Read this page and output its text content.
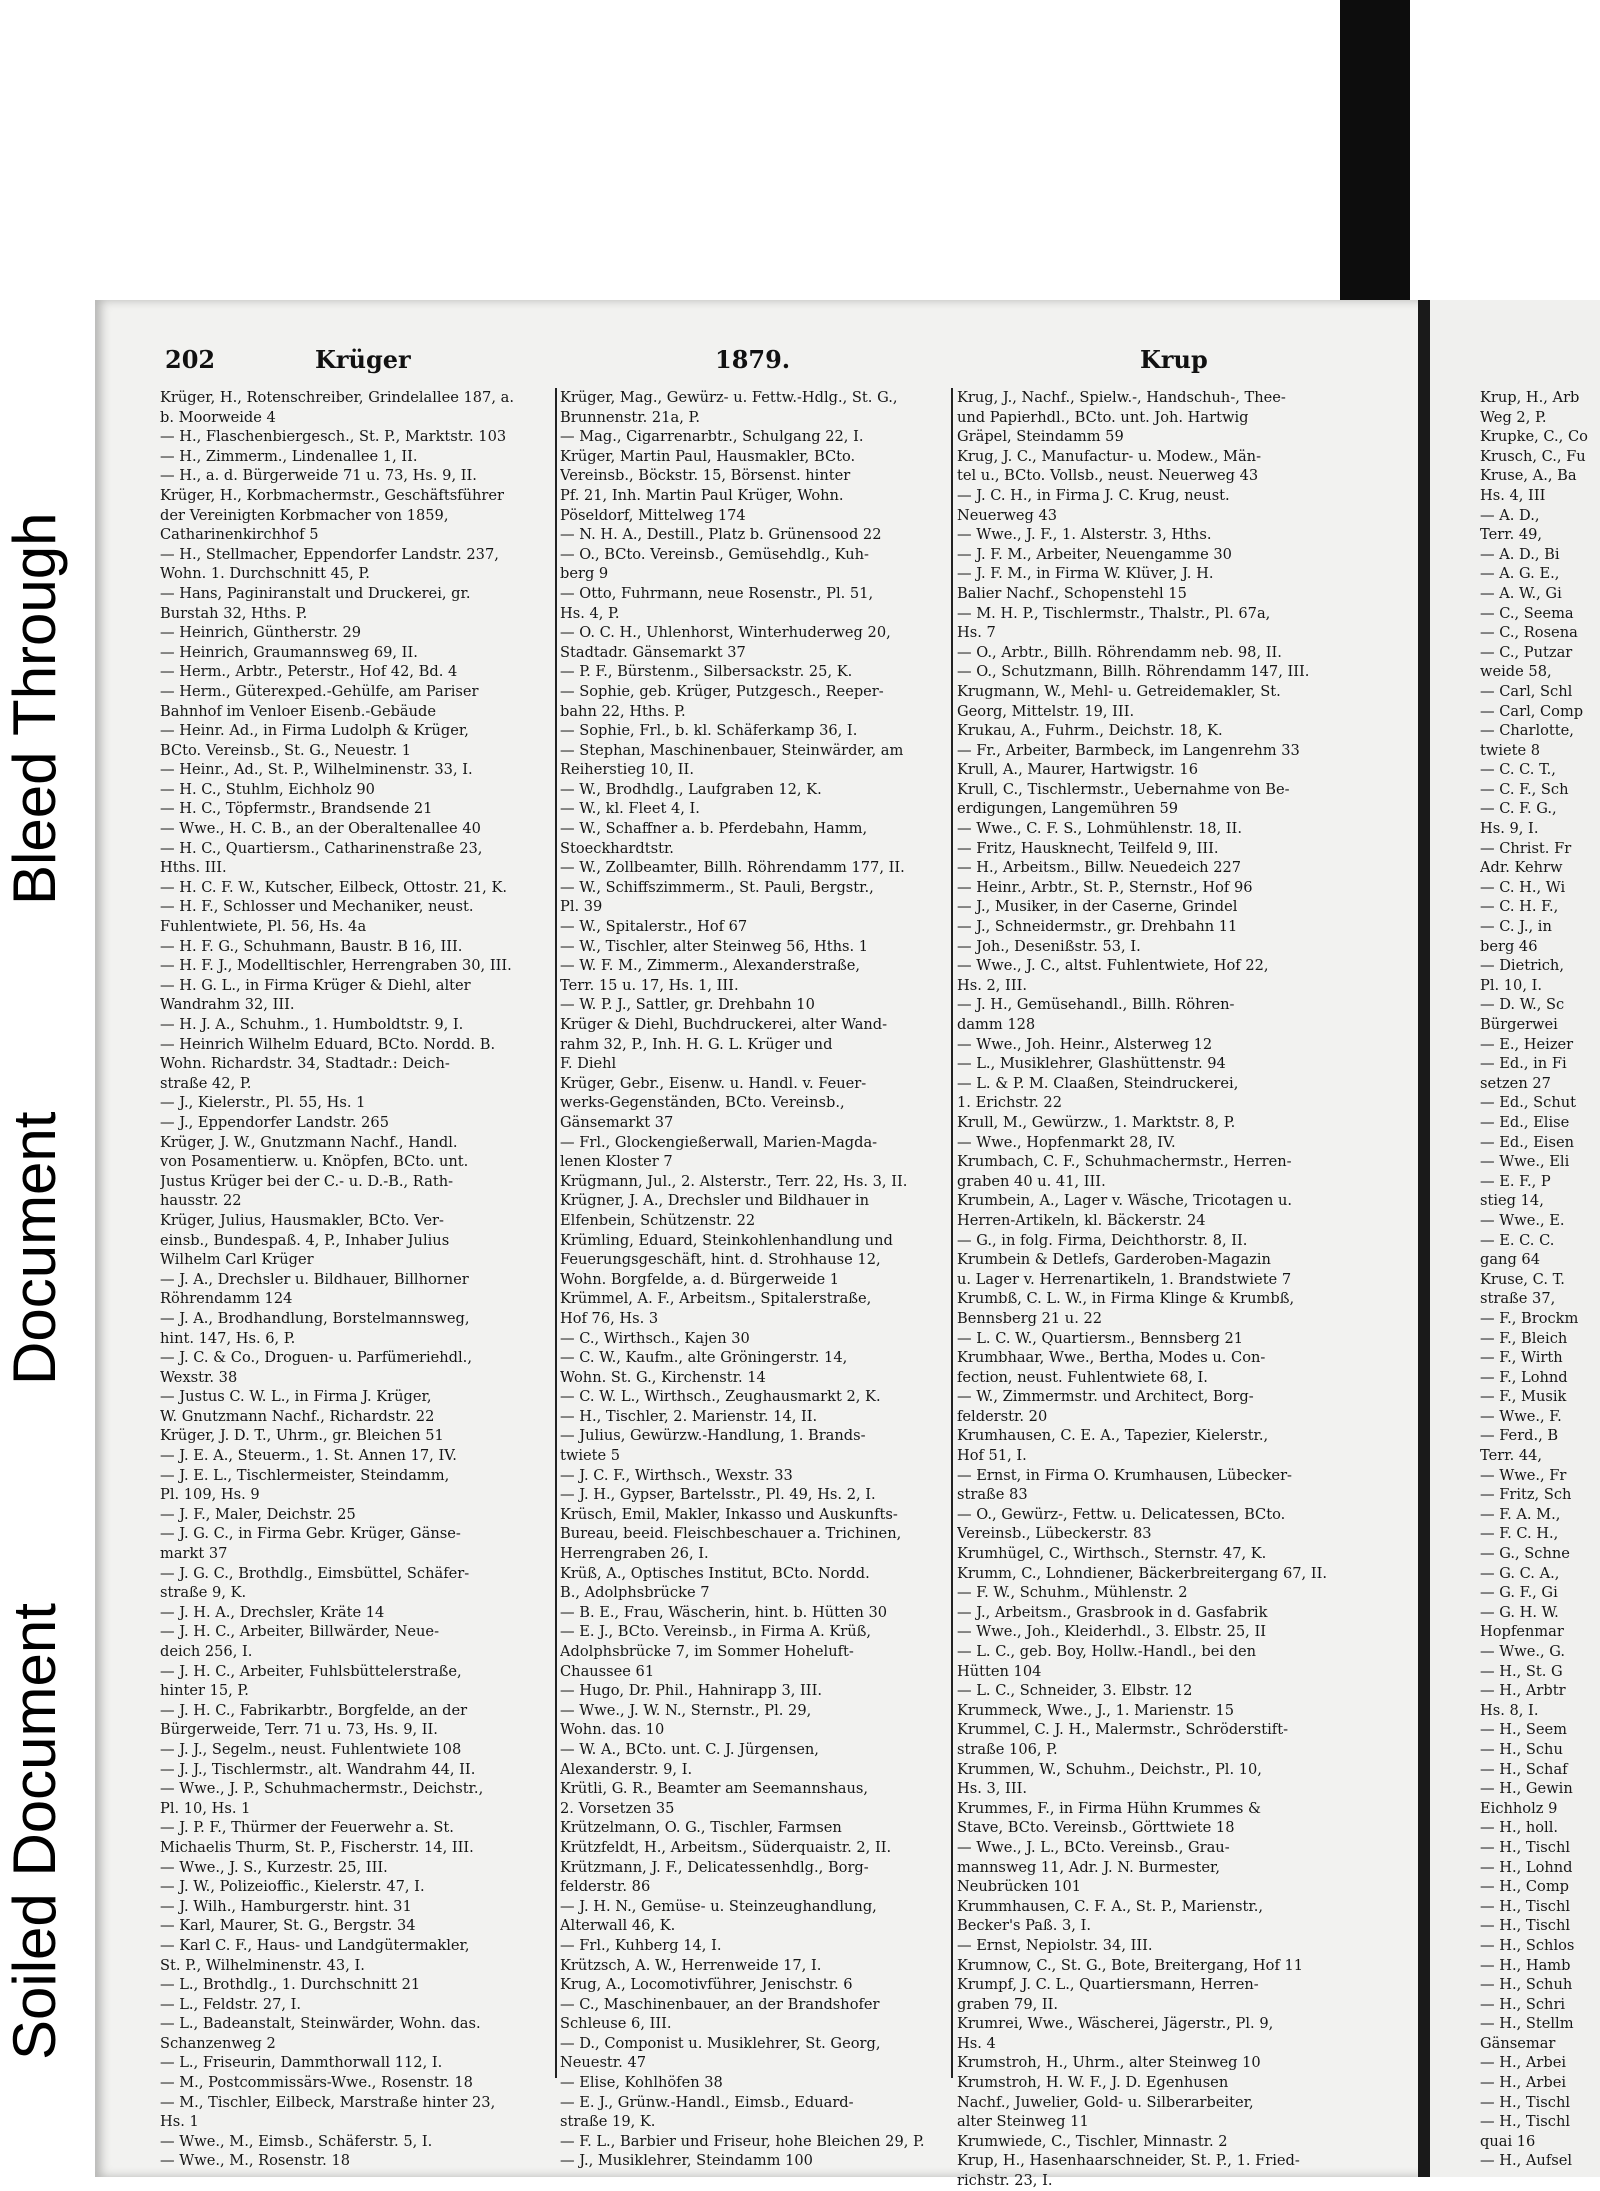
Bleed Through
Document
Soiled Document
202	Krüger	1879.	Krup
Krüger, H., Rotenschreiber, Grindelallee 187, a.
b. Moorweide 4
— H., Flaschenbiergesch., St. P., Marktstr. 103
— H., Zimmerm., Lindenallee 1, II.
— H., a. d. Bürgerweide 71 u. 73, Hs. 9, II.
Krüger, H., Korbmachermstr., Geschäftsführer
der Vereinigten Korbmacher von 1859,
Catharinenkirchhof 5
— H., Stellmacher, Eppendorfer Landstr. 237,
Wohn. 1. Durchschnitt 45, P.
— Hans, Paginiranstalt und Druckerei, gr.
Burstah 32, Hths. P.
— Heinrich, Güntherstr. 29
— Heinrich, Graumannsweg 69, II.
— Herm., Arbtr., Peterstr., Hof 42, Bd. 4
— Herm., Güterexped.-Gehülfe, am Pariser
Bahnhof im Venloer Eisenb.-Gebäude
— Heinr. Ad., in Firma Ludolph & Krüger,
BCto. Vereinsb., St. G., Neuestr. 1
— Heinr., Ad., St. P., Wilhelminenstr. 33, I.
— H. C., Stuhlm, Eichholz 90
— H. C., Töpfermstr., Brandsende 21
— Wwe., H. C. B., an der Oberaltenallee 40
— H. C., Quartiersm., Catharinenstraße 23,
Hths. III.
— H. C. F. W., Kutscher, Eilbeck, Ottostr. 21, K.
— H. F., Schlosser und Mechaniker, neust.
Fuhlentwiete, Pl. 56, Hs. 4a
— H. F. G., Schuhmann, Baustr. B 16, III.
— H. F. J., Modelltischler, Herrengraben 30, III.
— H. G. L., in Firma Krüger & Diehl, alter
Wandrahm 32, III.
— H. J. A., Schuhm., 1. Humboldtstr. 9, I.
— Heinrich Wilhelm Eduard, BCto. Nordd. B.
Wohn. Richardstr. 34, Stadtadr.: Deich-
straße 42, P.
— J., Kielerstr., Pl. 55, Hs. 1
— J., Eppendorfer Landstr. 265
Krüger, J. W., Gnutzmann Nachf., Handl.
von Posamentierw. u. Knöpfen, BCto. unt.
Justus Krüger bei der C.- u. D.-B., Rath-
hausstr. 22
Krüger, Julius, Hausmakler, BCto. Ver-
einsb., Bundespaß. 4, P., Inhaber Julius
Wilhelm Carl Krüger
— J. A., Drechsler u. Bildhauer, Billhorner
Röhrendamm 124
— J. A., Brodhandlung, Borstelmannsweg,
hint. 147, Hs. 6, P.
— J. C. & Co., Droguen- u. Parfümeriehdl.,
Wexstr. 38
— Justus C. W. L., in Firma J. Krüger,
W. Gnutzmann Nachf., Richardstr. 22
Krüger, J. D. T., Uhrm., gr. Bleichen 51
— J. E. A., Steuerm., 1. St. Annen 17, IV.
— J. E. L., Tischlermeister, Steindamm,
Pl. 109, Hs. 9
— J. F., Maler, Deichstr. 25
— J. G. C., in Firma Gebr. Krüger, Gänse-
markt 37
— J. G. C., Brothdlg., Eimsbüttel, Schäfer-
straße 9, K.
— J. H. A., Drechsler, Kräte 14
— J. H. C., Arbeiter, Billwärder, Neue-
deich 256, I.
— J. H. C., Arbeiter, Fuhlsbüttelerstraße,
hinter 15, P.
— J. H. C., Fabrikarbtr., Borgfelde, an der
Bürgerweide, Terr. 71 u. 73, Hs. 9, II.
— J. J., Segelm., neust. Fuhlentwiete 108
— J. J., Tischlermstr., alt. Wandrahm 44, II.
— Wwe., J. P., Schuhmachermstr., Deichstr.,
Pl. 10, Hs. 1
— J. P. F., Thürmer der Feuerwehr a. St.
Michaelis Thurm, St. P., Fischerstr. 14, III.
— Wwe., J. S., Kurzestr. 25, III.
— J. W., Polizeioffic., Kielerstr. 47, I.
— J. Wilh., Hamburgerstr. hint. 31
— Karl, Maurer, St. G., Bergstr. 34
— Karl C. F., Haus- und Landgütermakler,
St. P., Wilhelminenstr. 43, I.
— L., Brothdlg., 1. Durchschnitt 21
— L., Feldstr. 27, I.
— L., Badeanstalt, Steinwärder, Wohn. das.
Schanzenweg 2
— L., Friseurin, Dammthorwall 112, I.
— M., Postcommissärs-Wwe., Rosenstr. 18
— M., Tischler, Eilbeck, Marstraße hinter 23,
Hs. 1
— Wwe., M., Eimsb., Schäferstr. 5, I.
— Wwe., M., Rosenstr. 18
Krüger, Mag., Gewürz- u. Fettw.-Hdlg., St. G.,
Brunnenstr. 21a, P.
— Mag., Cigarrenarbtr., Schulgang 22, I.
Krüger, Martin Paul, Hausmakler, BCto.
Vereinsb., Böckstr. 15, Börsenst. hinter
Pf. 21, Inh. Martin Paul Krüger, Wohn.
Pöseldorf, Mittelweg 174
— N. H. A., Destill., Platz b. Grünensood 22
— O., BCto. Vereinsb., Gemüsehdlg., Kuh-
berg 9
— Otto, Fuhrmann, neue Rosenstr., Pl. 51,
Hs. 4, P.
— O. C. H., Uhlenhorst, Winterhuderweg 20,
Stadtadr. Gänsemarkt 37
— P. F., Bürstenm., Silbersackstr. 25, K.
— Sophie, geb. Krüger, Putzgesch., Reeper-
bahn 22, Hths. P.
— Sophie, Frl., b. kl. Schäferkamp 36, I.
— Stephan, Maschinenbauer, Steinwärder, am
Reiherstieg 10, II.
— W., Brodhdlg., Laufgraben 12, K.
— W., kl. Fleet 4, I.
— W., Schaffner a. b. Pferdebahn, Hamm,
Stoeckhardtstr.
— W., Zollbeamter, Billh. Röhrendamm 177, II.
— W., Schiffszimmerm., St. Pauli, Bergstr.,
Pl. 39
— W., Spitalerstr., Hof 67
— W., Tischler, alter Steinweg 56, Hths. 1
— W. F. M., Zimmerm., Alexanderstraße,
Terr. 15 u. 17, Hs. 1, III.
— W. P. J., Sattler, gr. Drehbahn 10
Krüger & Diehl, Buchdruckerei, alter Wand-
rahm 32, P., Inh. H. G. L. Krüger und
F. Diehl
Krüger, Gebr., Eisenw. u. Handl. v. Feuer-
werks-Gegenständen, BCto. Vereinsb.,
Gänsemarkt 37
— Frl., Glockengießerwall, Marien-Magda-
lenen Kloster 7
Krügmann, Jul., 2. Alsterstr., Terr. 22, Hs. 3, II.
Krügner, J. A., Drechsler und Bildhauer in
Elfenbein, Schützenstr. 22
Krümling, Eduard, Steinkohlenhandlung und
Feuerungsgeschäft, hint. d. Strohhause 12,
Wohn. Borgfelde, a. d. Bürgerweide 1
Krümmel, A. F., Arbeitsm., Spitalerstraße,
Hof 76, Hs. 3
— C., Wirthsch., Kajen 30
— C. W., Kaufm., alte Gröningerstr. 14,
Wohn. St. G., Kirchenstr. 14
— C. W. L., Wirthsch., Zeughausmarkt 2, K.
— H., Tischler, 2. Marienstr. 14, II.
— Julius, Gewürzw.-Handlung, 1. Brands-
twiete 5
— J. C. F., Wirthsch., Wexstr. 33
— J. H., Gypser, Bartelsstr., Pl. 49, Hs. 2, I.
Krüsch, Emil, Makler, Inkasso und Auskunfts-
Bureau, beeid. Fleischbeschauer a. Trichinen,
Herrengraben 26, I.
Krüß, A., Optisches Institut, BCto. Nordd.
B., Adolphsbrücke 7
— B. E., Frau, Wäscherin, hint. b. Hütten 30
— E. J., BCto. Vereinsb., in Firma A. Krüß,
Adolphsbrücke 7, im Sommer Hoheluft-
Chaussee 61
— Hugo, Dr. Phil., Hahnirapp 3, III.
— Wwe., J. W. N., Sternstr., Pl. 29,
Wohn. das. 10
— W. A., BCto. unt. C. J. Jürgensen,
Alexanderstr. 9, I.
Krütli, G. R., Beamter am Seemannshaus,
2. Vorsetzen 35
Krützelmann, O. G., Tischler, Farmsen
Krützfeldt, H., Arbeitsm., Süderquaistr. 2, II.
Krützmann, J. F., Delicatessenhdlg., Borg-
felderstr. 86
— J. H. N., Gemüse- u. Steinzeughandlung,
Alterwall 46, K.
— Frl., Kuhberg 14, I.
Krützsch, A. W., Herrenweide 17, I.
Krug, A., Locomotivführer, Jenischstr. 6
— C., Maschinenbauer, an der Brandshofer
Schleuse 6, III.
— D., Componist u. Musiklehrer, St. Georg,
Neuestr. 47
— Elise, Kohlhöfen 38
— E. J., Grünw.-Handl., Eimsb., Eduard-
straße 19, K.
— F. L., Barbier und Friseur, hohe Bleichen 29, P.
— J., Musiklehrer, Steindamm 100
Krug, J., Nachf., Spielw.-, Handschuh-, Thee-
und Papierhdl., BCto. unt. Joh. Hartwig
Gräpel, Steindamm 59
Krug, J. C., Manufactur- u. Modew., Män-
tel u., BCto. Vollsb., neust. Neuerweg 43
— J. C. H., in Firma J. C. Krug, neust.
Neuerweg 43
— Wwe., J. F., 1. Alsterstr. 3, Hths.
— J. F. M., Arbeiter, Neuengamme 30
— J. F. M., in Firma W. Klüver, J. H.
Balier Nachf., Schopenstehl 15
— M. H. P., Tischlermstr., Thalstr., Pl. 67a,
Hs. 7
— O., Arbtr., Billh. Röhrendamm neb. 98, II.
— O., Schutzmann, Billh. Röhrendamm 147, III.
Krugmann, W., Mehl- u. Getreidemakler, St.
Georg, Mittelstr. 19, III.
Krukau, A., Fuhrm., Deichstr. 18, K.
— Fr., Arbeiter, Barmbeck, im Langenrehm 33
Krull, A., Maurer, Hartwigstr. 16
Krull, C., Tischlermstr., Uebernahme von Be-
erdigungen, Langemühren 59
— Wwe., C. F. S., Lohmühlenstr. 18, II.
— Fritz, Hausknecht, Teilfeld 9, III.
— H., Arbeitsm., Billw. Neuedeich 227
— Heinr., Arbtr., St. P., Sternstr., Hof 96
— J., Musiker, in der Caserne, Grindel
— J., Schneidermstr., gr. Drehbahn 11
— Joh., Desenißstr. 53, I.
— Wwe., J. C., altst. Fuhlentwiete, Hof 22,
Hs. 2, III.
— J. H., Gemüsehandl., Billh. Röhren-
damm 128
— Wwe., Joh. Heinr., Alsterweg 12
— L., Musiklehrer, Glashüttenstr. 94
— L. & P. M. Claaßen, Steindruckerei,
1. Erichstr. 22
Krull, M., Gewürzw., 1. Marktstr. 8, P.
— Wwe., Hopfenmarkt 28, IV.
Krumbach, C. F., Schuhmachermstr., Herren-
graben 40 u. 41, III.
Krumbein, A., Lager v. Wäsche, Tricotagen u.
Herren-Artikeln, kl. Bäckerstr. 24
— G., in folg. Firma, Deichthorstr. 8, II.
Krumbein & Detlefs, Garderoben-Magazin
u. Lager v. Herrenartikeln, 1. Brandstwiete 7
Krumbß, C. L. W., in Firma Klinge & Krumbß,
Bennsberg 21 u. 22
— L. C. W., Quartiersm., Bennsberg 21
Krumbhaar, Wwe., Bertha, Modes u. Con-
fection, neust. Fuhlentwiete 68, I.
— W., Zimmermstr. und Architect, Borg-
felderstr. 20
Krumhausen, C. E. A., Tapezier, Kielerstr.,
Hof 51, I.
— Ernst, in Firma O. Krumhausen, Lübecker-
straße 83
— O., Gewürz-, Fettw. u. Delicatessen, BCto.
Vereinsb., Lübeckerstr. 83
Krumhügel, C., Wirthsch., Sternstr. 47, K.
Krumm, C., Lohndiener, Bäckerbreitergang 67, II.
— F. W., Schuhm., Mühlenstr. 2
— J., Arbeitsm., Grasbrook in d. Gasfabrik
— Wwe., Joh., Kleiderhdl., 3. Elbstr. 25, II
— L. C., geb. Boy, Hollw.-Handl., bei den
Hütten 104
— L. C., Schneider, 3. Elbstr. 12
Krummeck, Wwe., J., 1. Marienstr. 15
Krummel, C. J. H., Malermstr., Schröderstift-
straße 106, P.
Krummen, W., Schuhm., Deichstr., Pl. 10,
Hs. 3, III.
Krummes, F., in Firma Hühn Krummes &
Stave, BCto. Vereinsb., Görttwiete 18
— Wwe., J. L., BCto. Vereinsb., Grau-
mannsweg 11, Adr. J. N. Burmester,
Neubrücken 101
Krummhausen, C. F. A., St. P., Marienstr.,
Becker's Paß. 3, I.
— Ernst, Nepiolstr. 34, III.
Krumnow, C., St. G., Bote, Breitergang, Hof 11
Krumpf, J. C. L., Quartiersmann, Herren-
graben 79, II.
Krumrei, Wwe., Wäscherei, Jägerstr., Pl. 9,
Hs. 4
Krumstroh, H., Uhrm., alter Steinweg 10
Krumstroh, H. W. F., J. D. Egenhusen
Nachf., Juwelier, Gold- u. Silberarbeiter,
alter Steinweg 11
Krumwiede, C., Tischler, Minnastr. 2
Krup, H., Hasenhaarschneider, St. P., 1. Fried-
richstr. 23, I.
Krup, H., Arb
Weg 2, P.
Krupke, C., Co
Krusch, C., Fu
Kruse, A., Ba
Hs. 4, III
— A. D.,
Terr. 49,
— A. D., Bi
— A. G. E.,
— A. W., Gi
— C., Seema
— C., Rosena
— C., Putzar
weide 58,
— Carl, Schl
— Carl, Comp
— Charlotte,
twiete 8
— C. C. T.,
— C. F., Sch
— C. F. G.,
Hs. 9, I.
— Christ. Fr
Adr. Kehrw
— C. H., Wi
— C. H. F.,
— C. J., in
berg 46
— Dietrich,
Pl. 10, I.
— D. W., Sc
Bürgerwei
— E., Heizer
— Ed., in Fi
setzen 27
— Ed., Schut
— Ed., Elise
— Ed., Eisen
— Wwe., Eli
— E. F., P
stieg 14,
— Wwe., E.
— E. C. C.
gang 64
Kruse, C. T.
straße 37,
— F., Brockm
— F., Bleich
— F., Wirth
— F., Lohnd
— F., Musik
— Wwe., F.
— Ferd., B
Terr. 44,
— Wwe., Fr
— Fritz, Sch
— F. A. M.,
— F. C. H.,
— G., Schne
— G. C. A.,
— G. F., Gi
— G. H. W.
Hopfenmar
— Wwe., G.
— H., St. G
— H., Arbtr
Hs. 8, I.
— H., Seem
— H., Schu
— H., Schaf
— H., Gewin
Eichholz 9
— H., holl.
— H., Tischl
— H., Lohnd
— H., Comp
— H., Tischl
— H., Tischl
— H., Schlos
— H., Hamb
— H., Schuh
— H., Schri
— H., Stellm
Gänsemar
— H., Arbei
— H., Arbei
— H., Tischl
— H., Tischl
quai 16
— H., Aufsel
